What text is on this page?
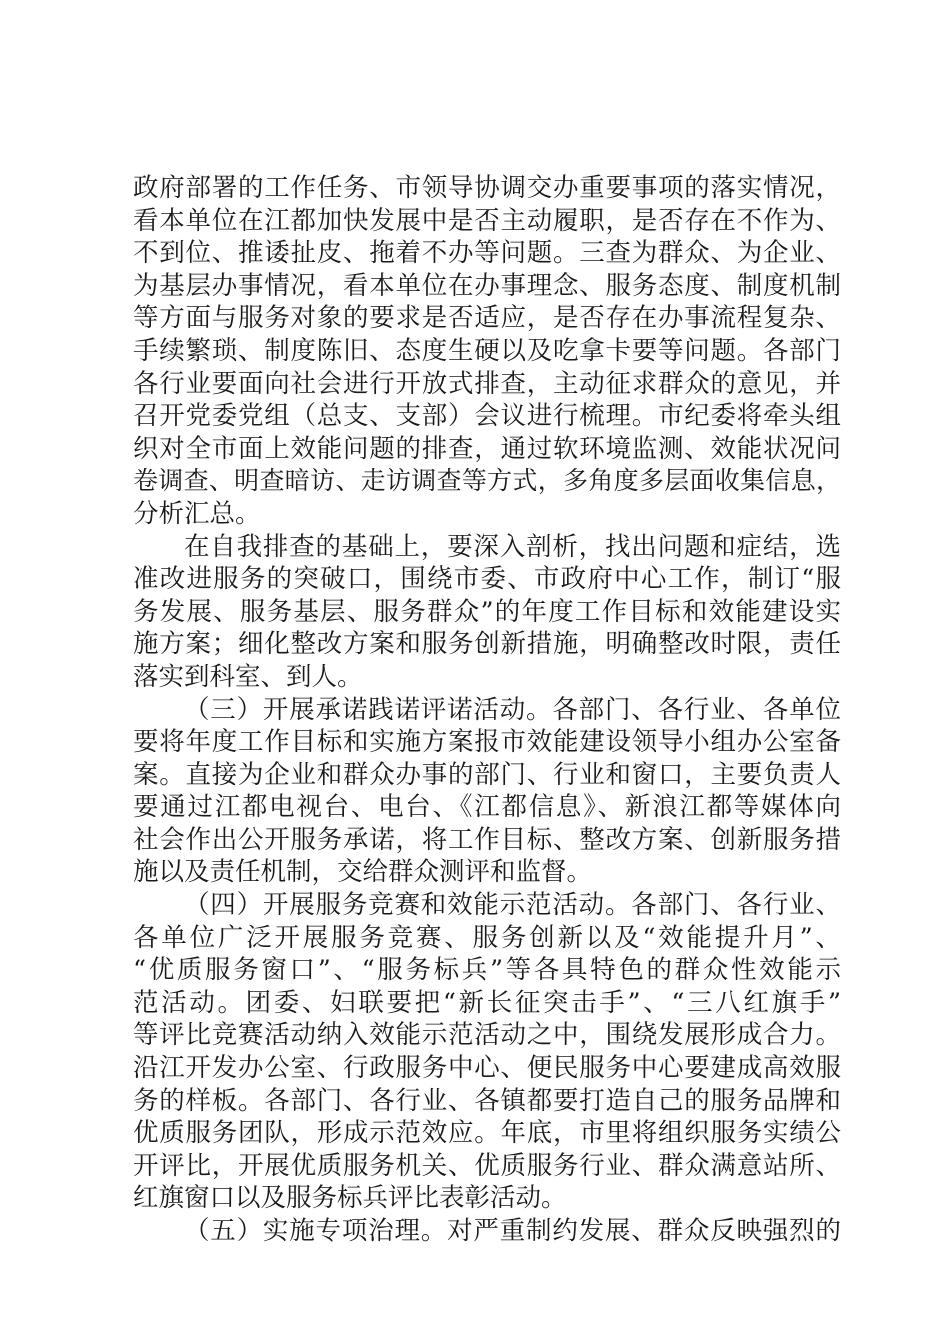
政府部署的工作任务、市领导协调交办重要事项的落实情况，
看本单位在江都加快发展中是否主动履职，是否存在不作为、
不到位、推诿扯皮、拖着不办等问题。三查为群众、为企业、
为基层办事情况，看本单位在办事理念、服务态度、制度机制
等方面与服务对象的要求是否适应，是否存在办事流程复杂、
手续繁琐、制度陈旧、态度生硬以及吃拿卡要等问题。各部门
各行业要面向社会进行开放式排查，主动征求群众的意见，并
召开党委党组（总支、支部）会议进行梳理。市纪委将牵头组
织对全市面上效能问题的排查，通过软环境监测、效能状况问
卷调查、明查暗访、走访调查等方式，多角度多层面收集信息，
分析汇总。
在自我排查的基础上，要深入剖析，找出问题和症结，选
准改进服务的突破口，围绕市委、市政府中心工作，制订“服
务发展、服务基层、服务群众”的年度工作目标和效能建设实
施方案；细化整改方案和服务创新措施，明确整改时限，责任
落实到科室、到人。
（三）开展承诺践诺评诺活动。各部门、各行业、各单位
要将年度工作目标和实施方案报市效能建设领导小组办公室备
案。直接为企业和群众办事的部门、行业和窗口，主要负责人
要通过江都电视台、电台、《江都信息》、新浪江都等媒体向
社会作出公开服务承诺，将工作目标、整改方案、创新服务措
施以及责任机制，交给群众测评和监督。
（四）开展服务竞赛和效能示范活动。各部门、各行业、
各单位广泛开展服务竞赛、服务创新以及“效能提升月”、
“优质服务窗口”、“服务标兵”等各具特色的群众性效能示
范活动。团委、妇联要把“新长征突击手”、“三八红旗手”
等评比竞赛活动纳入效能示范活动之中，围绕发展形成合力。
沿江开发办公室、行政服务中心、便民服务中心要建成高效服
务的样板。各部门、各行业、各镇都要打造自己的服务品牌和
优质服务团队，形成示范效应。年底，市里将组织服务实绩公
开评比，开展优质服务机关、优质服务行业、群众满意站所、
红旗窗口以及服务标兵评比表彰活动。
（五）实施专项治理。对严重制约发展、群众反映强烈的
